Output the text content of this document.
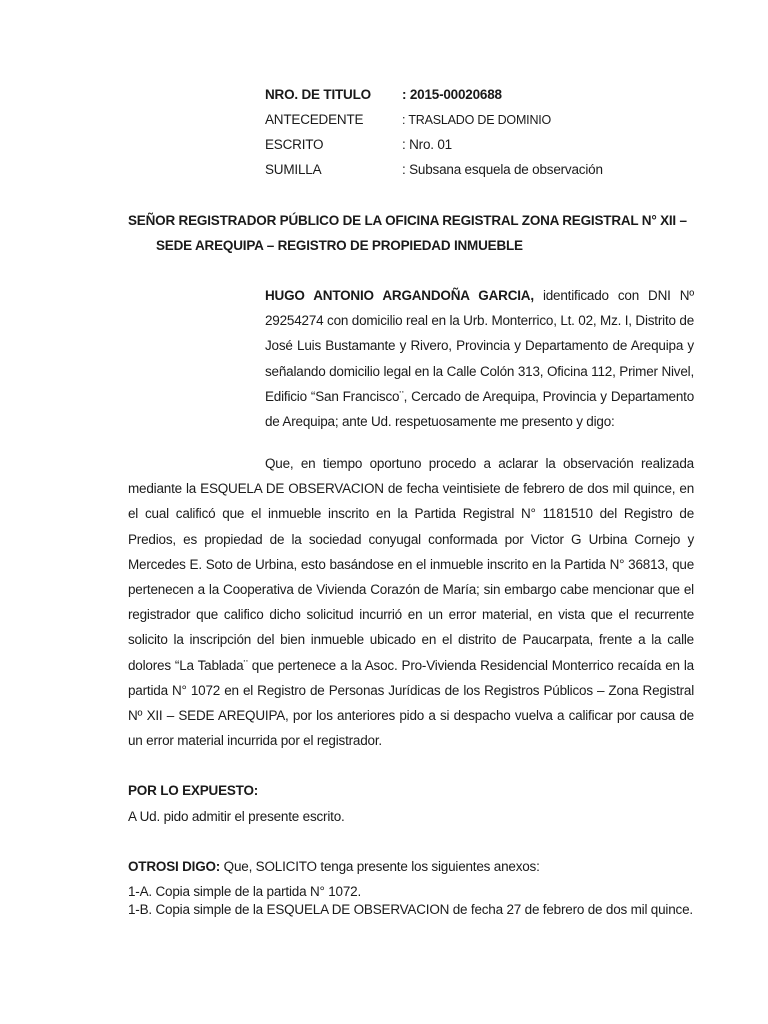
NRO. DE TITULO : 2015-00020688
ANTECEDENTE	: TRASLADO DE DOMINIO
ESCRITO	: Nro. 01
SUMILLA	: Subsana esquela de observación
SEÑOR REGISTRADOR PÚBLICO DE LA OFICINA REGISTRAL ZONA REGISTRAL N° XII –
SEDE AREQUIPA – REGISTRO DE PROPIEDAD INMUEBLE

HUGO ANTONIO ARGANDOÑA GARCIA, identificado con DNI Nº 29254274 con domicilio real en la Urb. Monterrico, Lt. 02, Mz. I, Distrito de José Luis Bustamante y Rivero, Provincia y Departamento de Arequipa y señalando domicilio legal en la Calle Colón 313, Oficina 112, Primer Nivel, Edificio “San Francisco¨, Cercado de Arequipa, Provincia y Departamento de Arequipa; ante Ud. respetuosamente me presento y digo:

Que, en tiempo oportuno procedo a aclarar la observación realizada mediante la ESQUELA DE OBSERVACION de fecha veintisiete de febrero de dos mil quince, en el cual calificó que el inmueble inscrito en la Partida Registral N° 1181510 del Registro de Predios, es propiedad de la sociedad conyugal conformada por Victor G Urbina Cornejo y Mercedes E. Soto de Urbina, esto basándose en el inmueble inscrito en la Partida N° 36813, que pertenecen a la Cooperativa de Vivienda Corazón de María; sin embargo cabe mencionar que el registrador que califico dicho solicitud incurrió en un error material, en vista que el recurrente solicito la inscripción del bien inmueble ubicado en el distrito de Paucarpata, frente a la calle dolores “La Tablada¨ que pertenece a la Asoc. Pro-Vivienda Residencial Monterrico recaída en la partida N° 1072 en el Registro de Personas Jurídicas de los Registros Públicos – Zona Registral Nº XII – SEDE AREQUIPA, por los anteriores pido a si despacho vuelva a calificar por causa de un error material incurrida por el registrador.

POR LO EXPUESTO:
A Ud. pido admitir el presente escrito.
OTROSI DIGO: Que, SOLICITO tenga presente los siguientes anexos:
1-A. Copia simple de la partida N° 1072.
1-B. Copia simple de la ESQUELA DE OBSERVACION de fecha 27 de febrero de dos mil quince.
